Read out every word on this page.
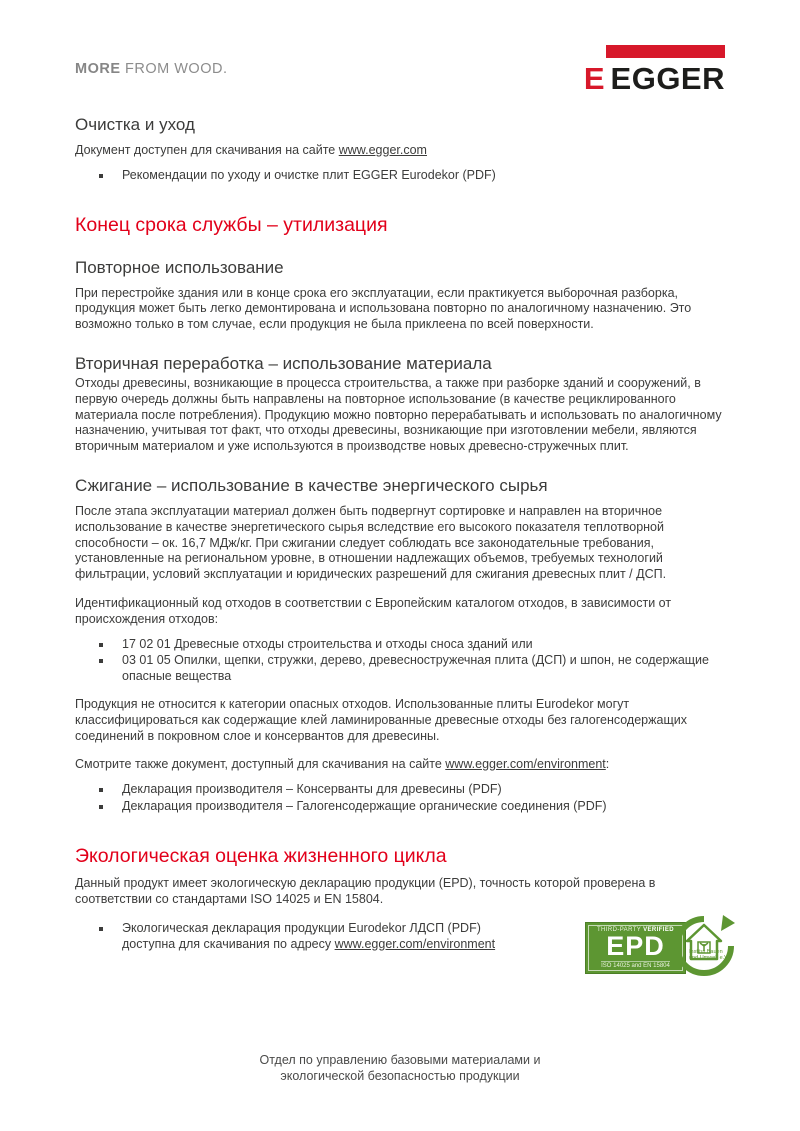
MORE FROM WOOD.	E EGGER
Очистка и уход

Документ доступен для скачивания на сайте www.egger.com

Рекомендации по уходу и очистке плит EGGER Eurodekor (PDF)
Конец срока службы – утилизация
Повторное использование

При перестройке здания или в конце срока его эксплуатации, если практикуется выборочная разборка, продукция может быть легко демонтирована и использована повторно по аналогичному назначению. Это возможно только в том случае, если продукция не была приклеена по всей поверхности.

Вторичная переработка – использование материала

Отходы древесины, возникающие в процесса строительства, а также при разборке зданий и сооружений, в первую очередь должны быть направлены на повторное использование (в качестве рециклированного материала после потребления). Продукцию можно повторно перерабатывать и использовать по аналогичному назначению, учитывая тот факт, что отходы древесины, возникающие при изготовлении мебели, являются вторичным материалом и уже используются в производстве новых древесно-стружечных плит.

Сжигание – использование в качестве энергического сырья

После этапа эксплуатации материал должен быть подвергнут сортировке и направлен на вторичное использование в качестве энергетического сырья вследствие его высокого показателя теплотворной способности – ок. 16,7 МДж/кг. При сжигании следует соблюдать все законодательные требования, установленные на региональном уровне, в отношении надлежащих объемов, требуемых технологий фильтрации, условий эксплуатации и юридических разрешений для сжигания древесных плит / ДСП.

Идентификационный код отходов в соответствии с Европейским каталогом отходов, в зависимости от происхождения отходов:

17 02 01 Древесные отходы строительства и отходы сноса зданий или
03 01 05 Опилки, щепки, стружки, дерево, древесностружечная плита (ДСП) и шпон, не содержащие опасные вещества

Продукция не относится к категории опасных отходов. Использованные плиты Eurodekor могут классифицироваться как содержащие клей ламинированные древесные отходы без галогенсодержащих соединений в покровном слое и консервантов для древесины.

Смотрите также документ, доступный для скачивания на сайте www.egger.com/environment:

Декларация производителя – Консерванты для древесины (PDF)
Декларация производителя – Галогенсодержащие органические соединения (PDF)
Экологическая оценка жизненного цикла

Данный продукт имеет экологическую декларацию продукции (EPD), точность которой проверена в соответствии со стандартами ISO 14025 и EN 15804.

Экологическая декларация продукции Eurodekor ЛДСП (PDF)
доступна для скачивания по адресу www.egger.com/environment
THIRD-PARTY VERIFIED
EPD
ISO 14025 and EN 15804
Institut Bauen und Umwelt e.V.
Отдел по управлению базовыми материалами и
экологической безопасностью продукции
